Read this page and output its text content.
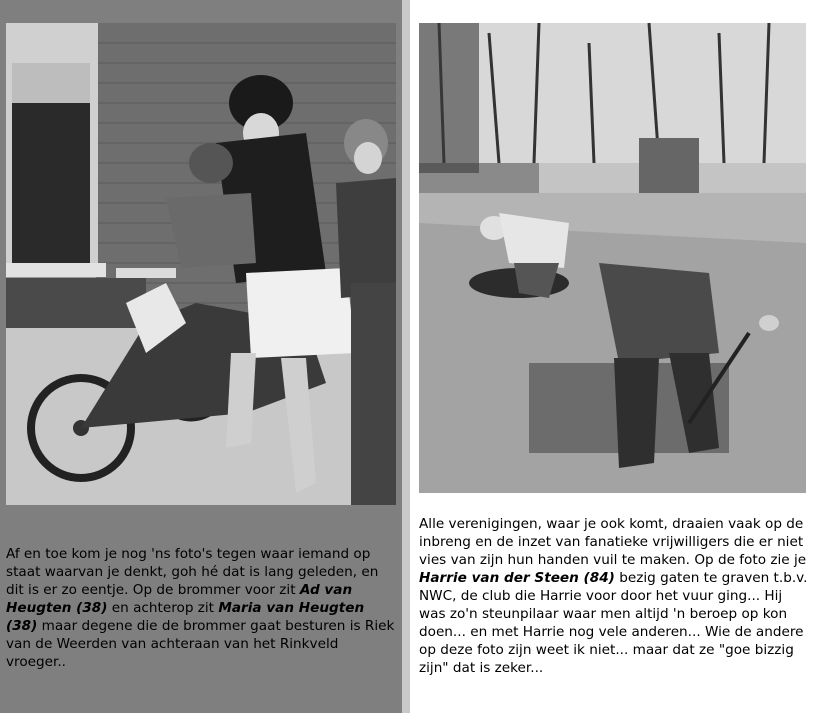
Af en toe kom je nog 'ns foto's tegen waar iemand op staat waarvan je denkt, goh hé dat is lang geleden, en dit is er zo eentje. Op de brommer voor zit Ad van Heugten (38) en achterop zit Maria van Heugten (38) maar degene die de brommer gaat besturen is Riek van de Weerden van achteraan van het Rinkveld vroeger..
Alle verenigingen, waar je ook komt, draaien vaak op de inbreng en de inzet van fanatieke vrijwilligers die er niet vies van zijn hun handen vuil te maken. Op de foto zie je Harrie van der Steen (84) bezig gaten te graven t.b.v. NWC, de club die Harrie voor door het vuur ging... Hij was zo'n steunpilaar waar men altijd 'n beroep op kon doen... en met Harrie nog vele anderen... Wie de andere op deze foto zijn weet ik niet... maar dat ze "goe bizzig zijn" dat is zeker...
